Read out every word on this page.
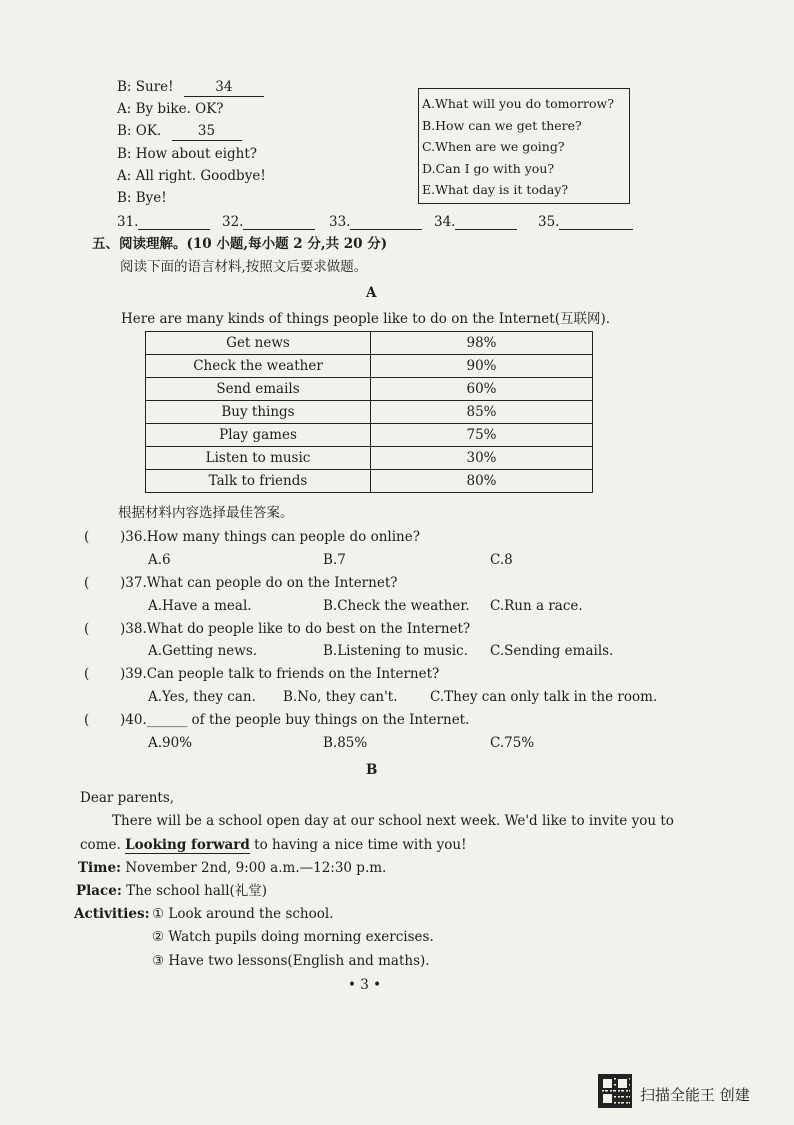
B: Sure!	34
A: By bike. OK?
B: OK.	35
B: How about eight?
A: All right. Goodbye!
B: Bye!
A.What will you do tomorrow?
B.How can we get there?
C.When are we going?
D.Can I go with you?
E.What day is it today?
31.	32.	33.	34.	35.
五、阅读理解。(10 小题,每小题 2 分,共 20 分)
阅读下面的语言材料,按照文后要求做题。
A
Here are many kinds of things people like to do on the Internet(互联网).
Get news	98%
Check the weather	90%
Send emails	60%
Buy things	85%
Play games	75%
Listen to music	30%
Talk to friends	80%
根据材料内容选择最佳答案。
( )36.How many things can people do online?
A.6	B.7	C.8
( )37.What can people do on the Internet?
A.Have a meal.	B.Check the weather. C.Run a race.
( )38.What do people like to do best on the Internet?
A.Getting news.	B.Listening to music. C.Sending emails.
( )39.Can people talk to friends on the Internet?
A.Yes, they can. B.No, they can't. C.They can only talk in the room.
( )40.______ of the people buy things on the Internet.
A.90%	B.85%	C.75%
B
Dear parents,
There will be a school open day at our school next week. We'd like to invite you to
come. Looking forward to having a nice time with you!
Time: November 2nd, 9:00 a.m.—12:30 p.m.
Place: The school hall(礼堂)
Activities: ① Look around the school.
② Watch pupils doing morning exercises.
③ Have two lessons(English and maths).
• 3 •
扫描全能王 创建
